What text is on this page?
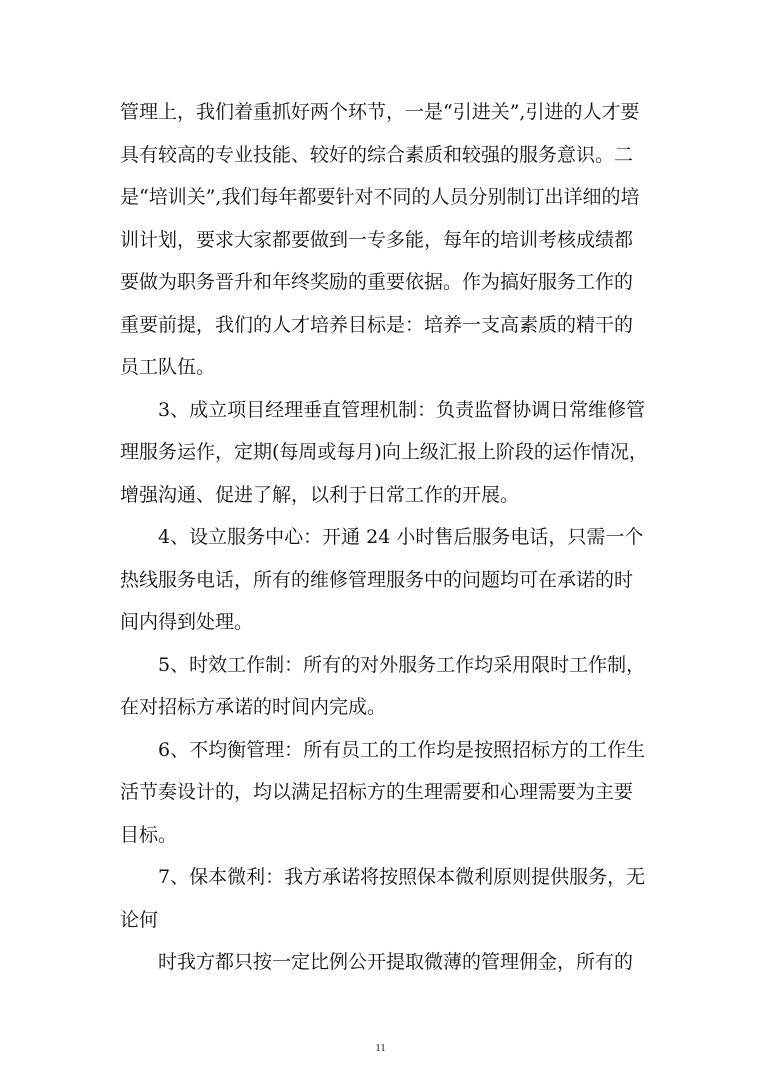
管理上，我们着重抓好两个环节，一是“引进关”,引进的人才要
具有较高的专业技能、较好的综合素质和较强的服务意识。二
是“培训关”,我们每年都要针对不同的人员分别制订出详细的培
训计划，要求大家都要做到一专多能，每年的培训考核成绩都
要做为职务晋升和年终奖励的重要依据。作为搞好服务工作的
重要前提，我们的人才培养目标是：培养一支高素质的精干的
员工队伍。
3、成立项目经理垂直管理机制：负责监督协调日常维修管
理服务运作，定期(每周或每月)向上级汇报上阶段的运作情况，
增强沟通、促进了解，以利于日常工作的开展。
4、设立服务中心：开通 24 小时售后服务电话，只需一个
热线服务电话，所有的维修管理服务中的问题均可在承诺的时
间内得到处理。
5、时效工作制：所有的对外服务工作均采用限时工作制，
在对招标方承诺的时间内完成。
6、不均衡管理：所有员工的工作均是按照招标方的工作生
活节奏设计的，均以满足招标方的生理需要和心理需要为主要
目标。
7、保本微利：我方承诺将按照保本微利原则提供服务，无
论何
时我方都只按一定比例公开提取微薄的管理佣金，所有的
11
